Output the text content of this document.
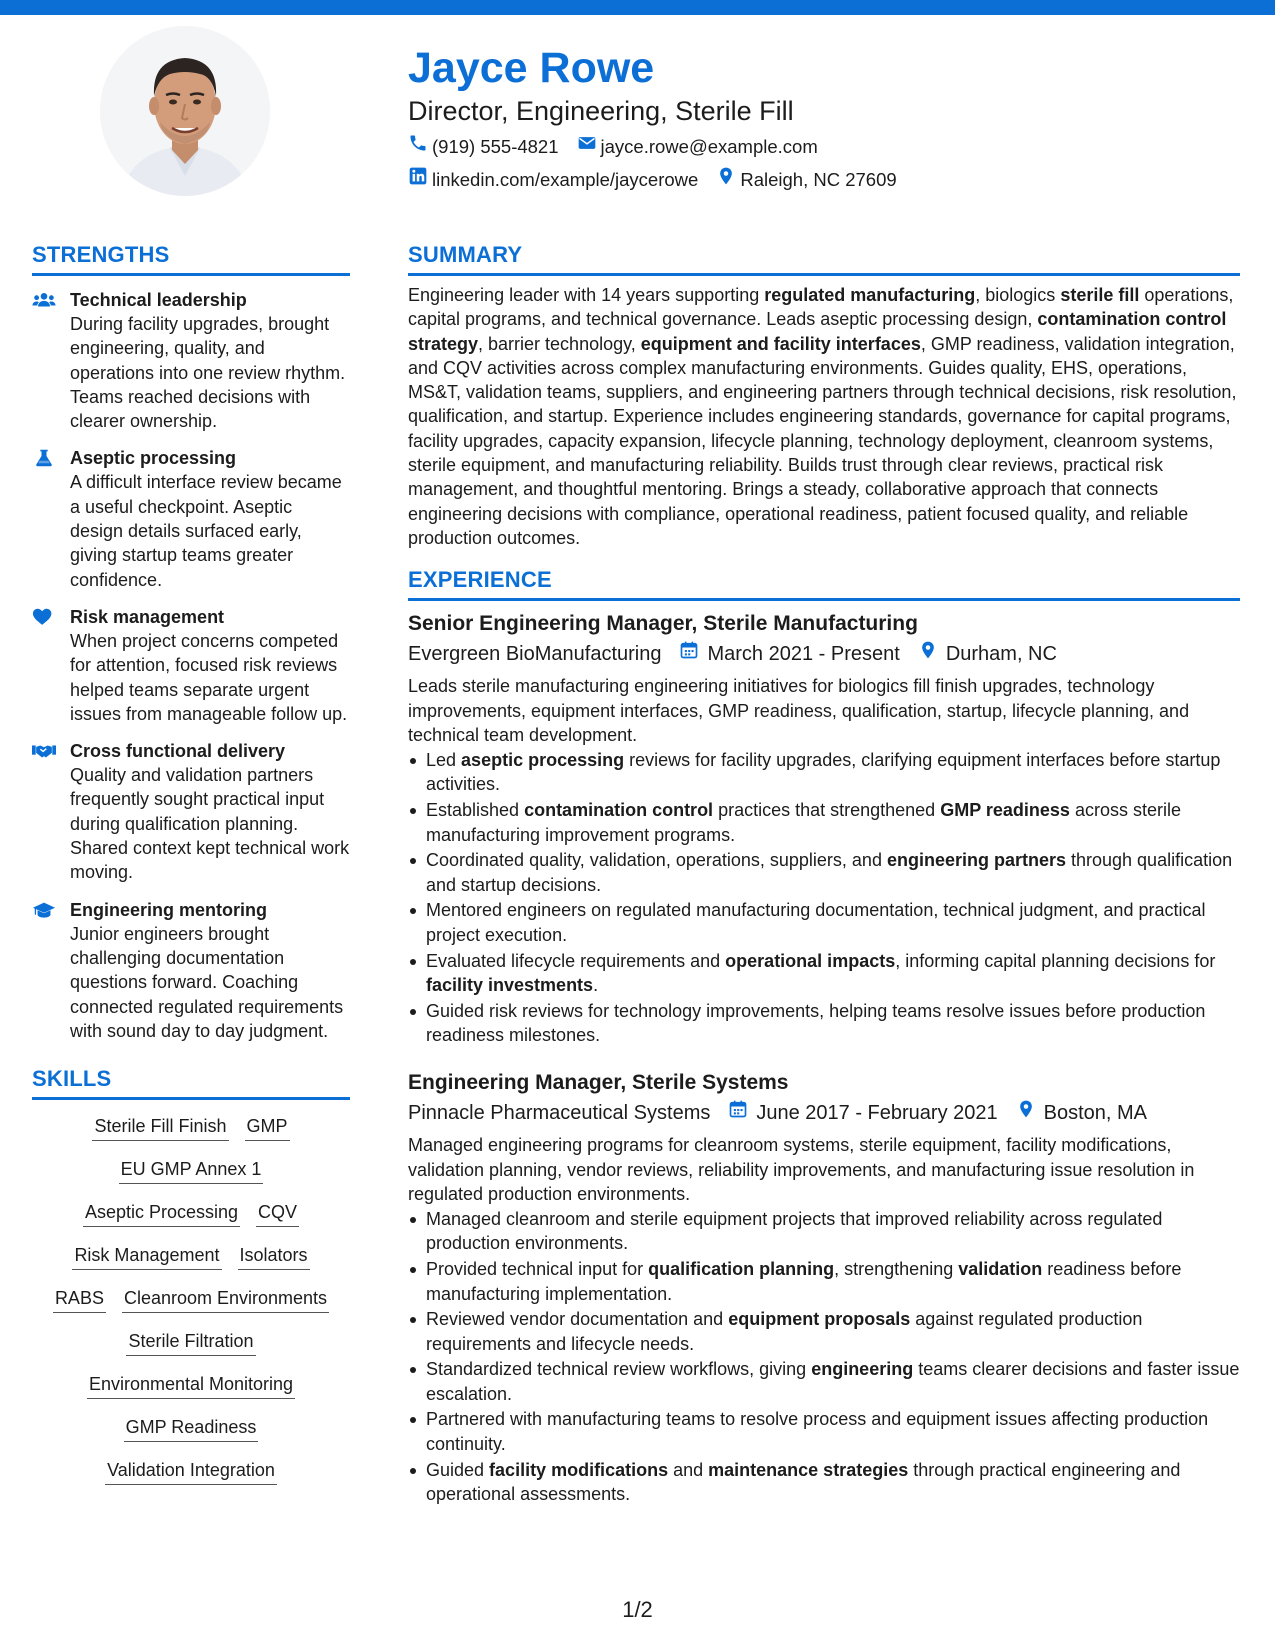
Jayce Rowe
Director, Engineering, Sterile Fill
(919) 555-4821 jayce.rowe@example.com
linkedin.com/example/jaycerowe Raleigh, NC 27609
STRENGTHS
Technical leadership
During facility upgrades, brought engineering, quality, and operations into one review rhythm. Teams reached decisions with clearer ownership.
Aseptic processing
A difficult interface review became a useful checkpoint. Aseptic design details surfaced early, giving startup teams greater confidence.
Risk management
When project concerns competed for attention, focused risk reviews helped teams separate urgent issues from manageable follow up.
Cross functional delivery
Quality and validation partners frequently sought practical input during qualification planning. Shared context kept technical work moving.
Engineering mentoring
Junior engineers brought challenging documentation questions forward. Coaching connected regulated requirements with sound day to day judgment.
SKILLS
Sterile Fill Finish GMP
EU GMP Annex 1
Aseptic Processing CQV
Risk Management Isolators
RABS Cleanroom Environments
Sterile Filtration
Environmental Monitoring
GMP Readiness
Validation Integration
SUMMARY
Engineering leader with 14 years supporting regulated manufacturing, biologics sterile fill operations, capital programs, and technical governance. Leads aseptic processing design, contamination control strategy, barrier technology, equipment and facility interfaces, GMP readiness, validation integration, and CQV activities across complex manufacturing environments. Guides quality, EHS, operations, MS&T, validation teams, suppliers, and engineering partners through technical decisions, risk resolution, qualification, and startup. Experience includes engineering standards, governance for capital programs, facility upgrades, capacity expansion, lifecycle planning, technology deployment, cleanroom systems, sterile equipment, and manufacturing reliability. Builds trust through clear reviews, practical risk management, and thoughtful mentoring. Brings a steady, collaborative approach that connects engineering decisions with compliance, operational readiness, patient focused quality, and reliable production outcomes.
EXPERIENCE
Senior Engineering Manager, Sterile Manufacturing
Evergreen BioManufacturing March 2021 - Present Durham, NC
Leads sterile manufacturing engineering initiatives for biologics fill finish upgrades, technology improvements, equipment interfaces, GMP readiness, qualification, startup, lifecycle planning, and technical team development.
Led aseptic processing reviews for facility upgrades, clarifying equipment interfaces before startup activities.
Established contamination control practices that strengthened GMP readiness across sterile manufacturing improvement programs.
Coordinated quality, validation, operations, suppliers, and engineering partners through qualification and startup decisions.
Mentored engineers on regulated manufacturing documentation, technical judgment, and practical project execution.
Evaluated lifecycle requirements and operational impacts, informing capital planning decisions for facility investments.
Guided risk reviews for technology improvements, helping teams resolve issues before production readiness milestones.
Engineering Manager, Sterile Systems
Pinnacle Pharmaceutical Systems June 2017 - February 2021 Boston, MA
Managed engineering programs for cleanroom systems, sterile equipment, facility modifications, validation planning, vendor reviews, reliability improvements, and manufacturing issue resolution in regulated production environments.
Managed cleanroom and sterile equipment projects that improved reliability across regulated production environments.
Provided technical input for qualification planning, strengthening validation readiness before manufacturing implementation.
Reviewed vendor documentation and equipment proposals against regulated production requirements and lifecycle needs.
Standardized technical review workflows, giving engineering teams clearer decisions and faster issue escalation.
Partnered with manufacturing teams to resolve process and equipment issues affecting production continuity.
Guided facility modifications and maintenance strategies through practical engineering and operational assessments.
1/2
